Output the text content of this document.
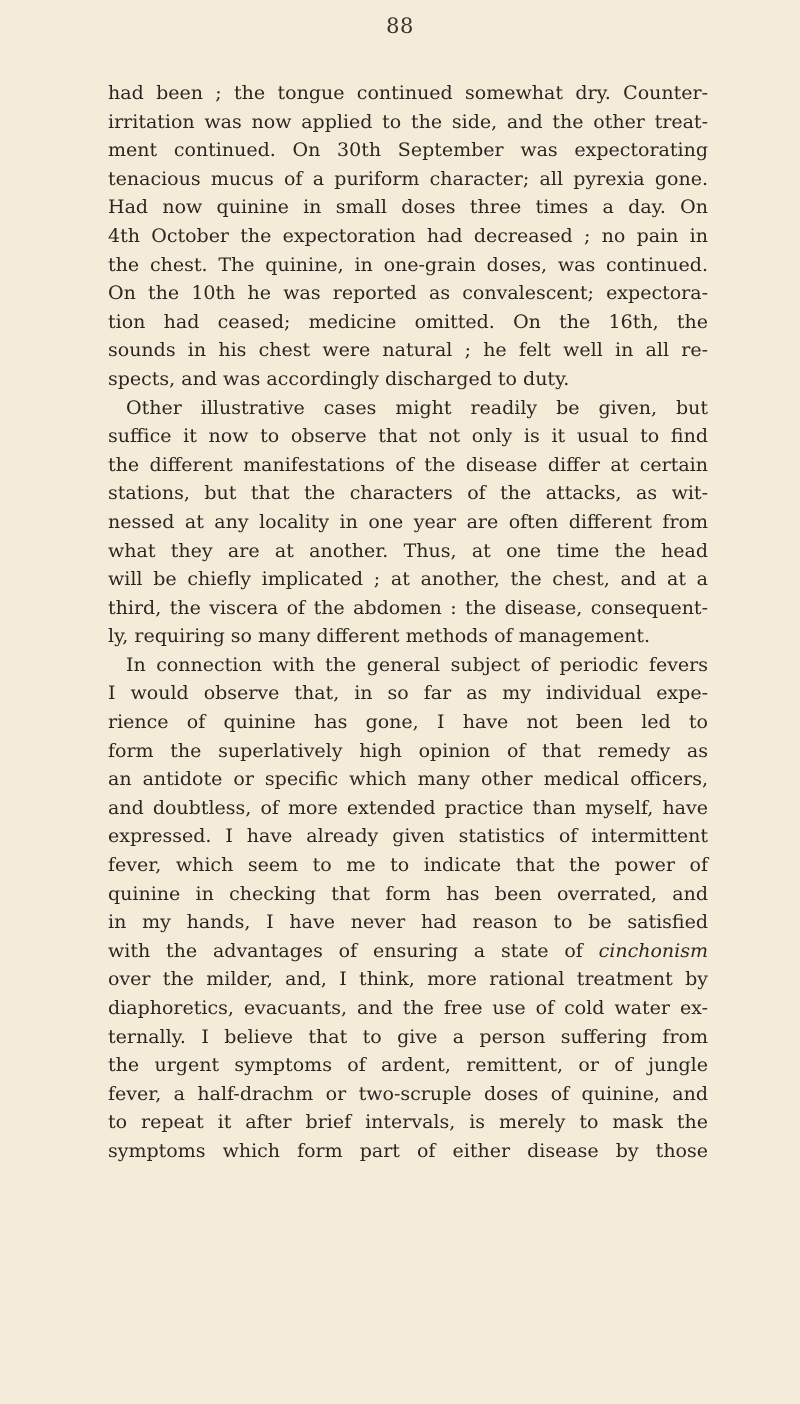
88
had been ; the tongue continued somewhat dry. Counter-
irritation was now applied to the side, and the other treat-
ment continued. On 30th September was expectorating
tenacious mucus of a puriform character; all pyrexia gone.
Had now quinine in small doses three times a day. On
4th October the expectoration had decreased ; no pain in
the chest. The quinine, in one-grain doses, was continued.
On the 10th he was reported as convalescent; expectora-
tion had ceased; medicine omitted. On the 16th, the
sounds in his chest were natural ; he felt well in all re-
spects, and was accordingly discharged to duty.
Other illustrative cases might readily be given, but
suffice it now to observe that not only is it usual to find
the different manifestations of the disease differ at certain
stations, but that the characters of the attacks, as wit-
nessed at any locality in one year are often different from
what they are at another. Thus, at one time the head
will be chiefly implicated ; at another, the chest, and at a
third, the viscera of the abdomen : the disease, consequent-
ly, requiring so many different methods of management.
In connection with the general subject of periodic fevers
I would observe that, in so far as my individual expe-
rience of quinine has gone, I have not been led to
form the superlatively high opinion of that remedy as
an antidote or specific which many other medical officers,
and doubtless, of more extended practice than myself, have
expressed. I have already given statistics of intermittent
fever, which seem to me to indicate that the power of
quinine in checking that form has been overrated, and
in my hands, I have never had reason to be satisfied
with the advantages of ensuring a state of cinchonism
over the milder, and, I think, more rational treatment by
diaphoretics, evacuants, and the free use of cold water ex-
ternally. I believe that to give a person suffering from
the urgent symptoms of ardent, remittent, or of jungle
fever, a half-drachm or two-scruple doses of quinine, and
to repeat it after brief intervals, is merely to mask the
symptoms which form part of either disease by those
